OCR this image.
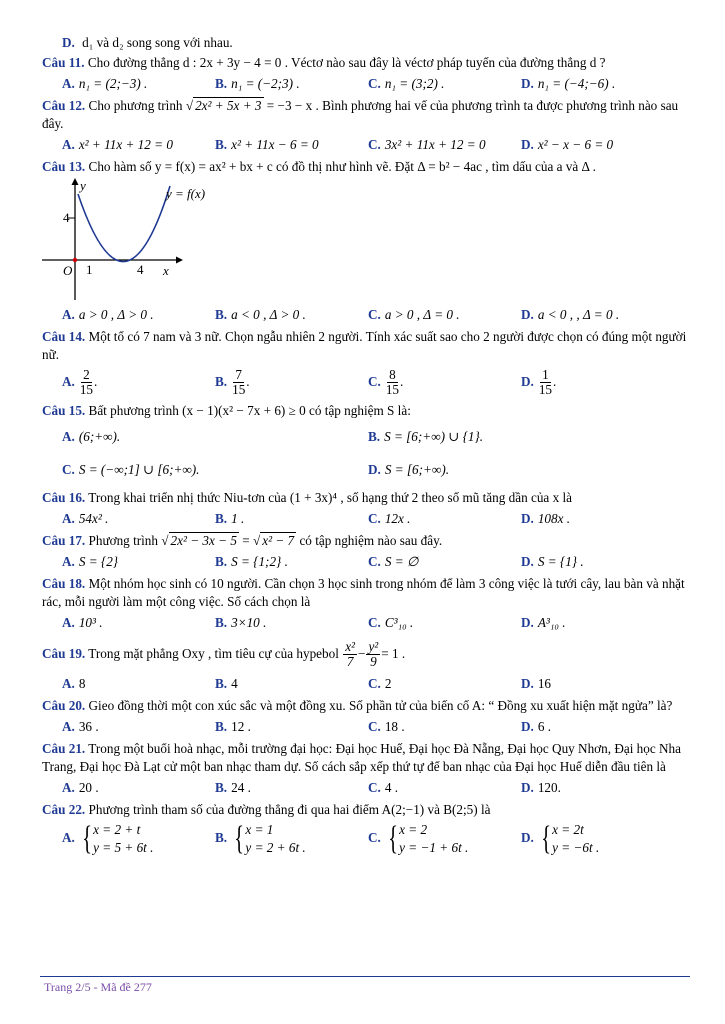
D. d₁ và d₂ song song với nhau.
Câu 11. Cho đường thẳng d : 2x + 3y − 4 = 0 . Véctơ nào sau đây là véctơ pháp tuyến của đường thẳng d ?
A. n₁ = (2;−3) .	B. n₁ = (−2;3) .	C. n₁ = (3;2) .	D. n₁ = (−4;−6) .
Câu 12. Cho phương trình √ 2x² + 5x + 3 = −3 − x . Bình phương hai vế của phương trình ta được phương trình nào sau đây.
A. x² + 11x + 12 = 0	B. x² + 11x − 6 = 0	C. 3x² + 11x + 12 = 0	D. x² − x − 6 = 0
Câu 13. Cho hàm số y = f(x) = ax² + bx + c có đồ thị như hình vẽ. Đặt Δ = b² − 4ac , tìm dấu của a và Δ .
y
y = f(x)
4
O 1	4 x
A. a > 0 , Δ > 0 .	B. a < 0 , Δ > 0 .	C. a > 0 , Δ = 0 .	D. a < 0 , , Δ = 0 .
Câu 14. Một tổ có 7 nam và 3 nữ. Chọn ngẫu nhiên 2 người. Tính xác suất sao cho 2 người được chọn có đúng một người nữ.
A. $\frac{2}{15}$ .	B. $\frac{7}{15}$ .	C. $\frac{8}{15}$ .	D. $\frac{1}{15}$ .
Câu 15. Bất phương trình (x − 1)(x² − 7x + 6) ≥ 0 có tập nghiệm S là:
A. (6;+∞).	B. S = [6;+∞) ∪ {1}.
C. S = (−∞;1] ∪ [6;+∞).	D. S = [6;+∞).
Câu 16. Trong khai triển nhị thức Niu-tơn của (1 + 3x)⁴ , số hạng thứ 2 theo số mũ tăng dần của x là
A. 54x² .	B. 1 .	C. 12x .	D. 108x .
Câu 17. Phương trình √ 2x² − 3x − 5 = √ x² − 7 có tập nghiệm nào sau đây.
A. S = {2}	B. S = {1;2} .	C. S = ∅	D. S = {1} .
Câu 18. Một nhóm học sinh có 10 người. Cần chọn 3 học sinh trong nhóm để làm 3 công việc là tưới cây, lau bàn và nhặt rác, mỗi người làm một công việc. Số cách chọn là
A. 10³ .	B. 3×10 .	C. C³₁₀ .	D. A³₁₀ .
Câu 19. Trong mặt phẳng Oxy , tìm tiêu cự của hypebol $\frac{\text{x²}}{7} - \frac{\text{y²}}{9} = 1$ .
A. 8	B. 4	C. 2	D. 16
Câu 20. Gieo đồng thời một con xúc sắc và một đồng xu. Số phần tử của biến cố A: “ Đồng xu xuất hiện mặt ngửa” là?
A. 36 .	B. 12 .	C. 18 .	D. 6 .
Câu 21. Trong một buổi hoà nhạc, mỗi trường đại học: Đại học Huế, Đại học Đà Nẵng, Đại học Quy Nhơn, Đại học Nha Trang, Đại học Đà Lạt cử một ban nhạc tham dự. Số cách sắp xếp thứ tự để ban nhạc của Đại học Huế diễn đầu tiên là
A. 20 .	B. 24 .	C. 4 .	D. 120.
Câu 22. Phương trình tham số của đường thẳng đi qua hai điểm A(2;−1) và B(2;5) là
A. { x = 2 + t
y = 5 + 6t .
B. { x = 1
y = 2 + 6t .
C. { x = 2
y = −1 + 6t .
D. { x = 2t
y = −6t .
Trang 2/5 - Mã đề 277
